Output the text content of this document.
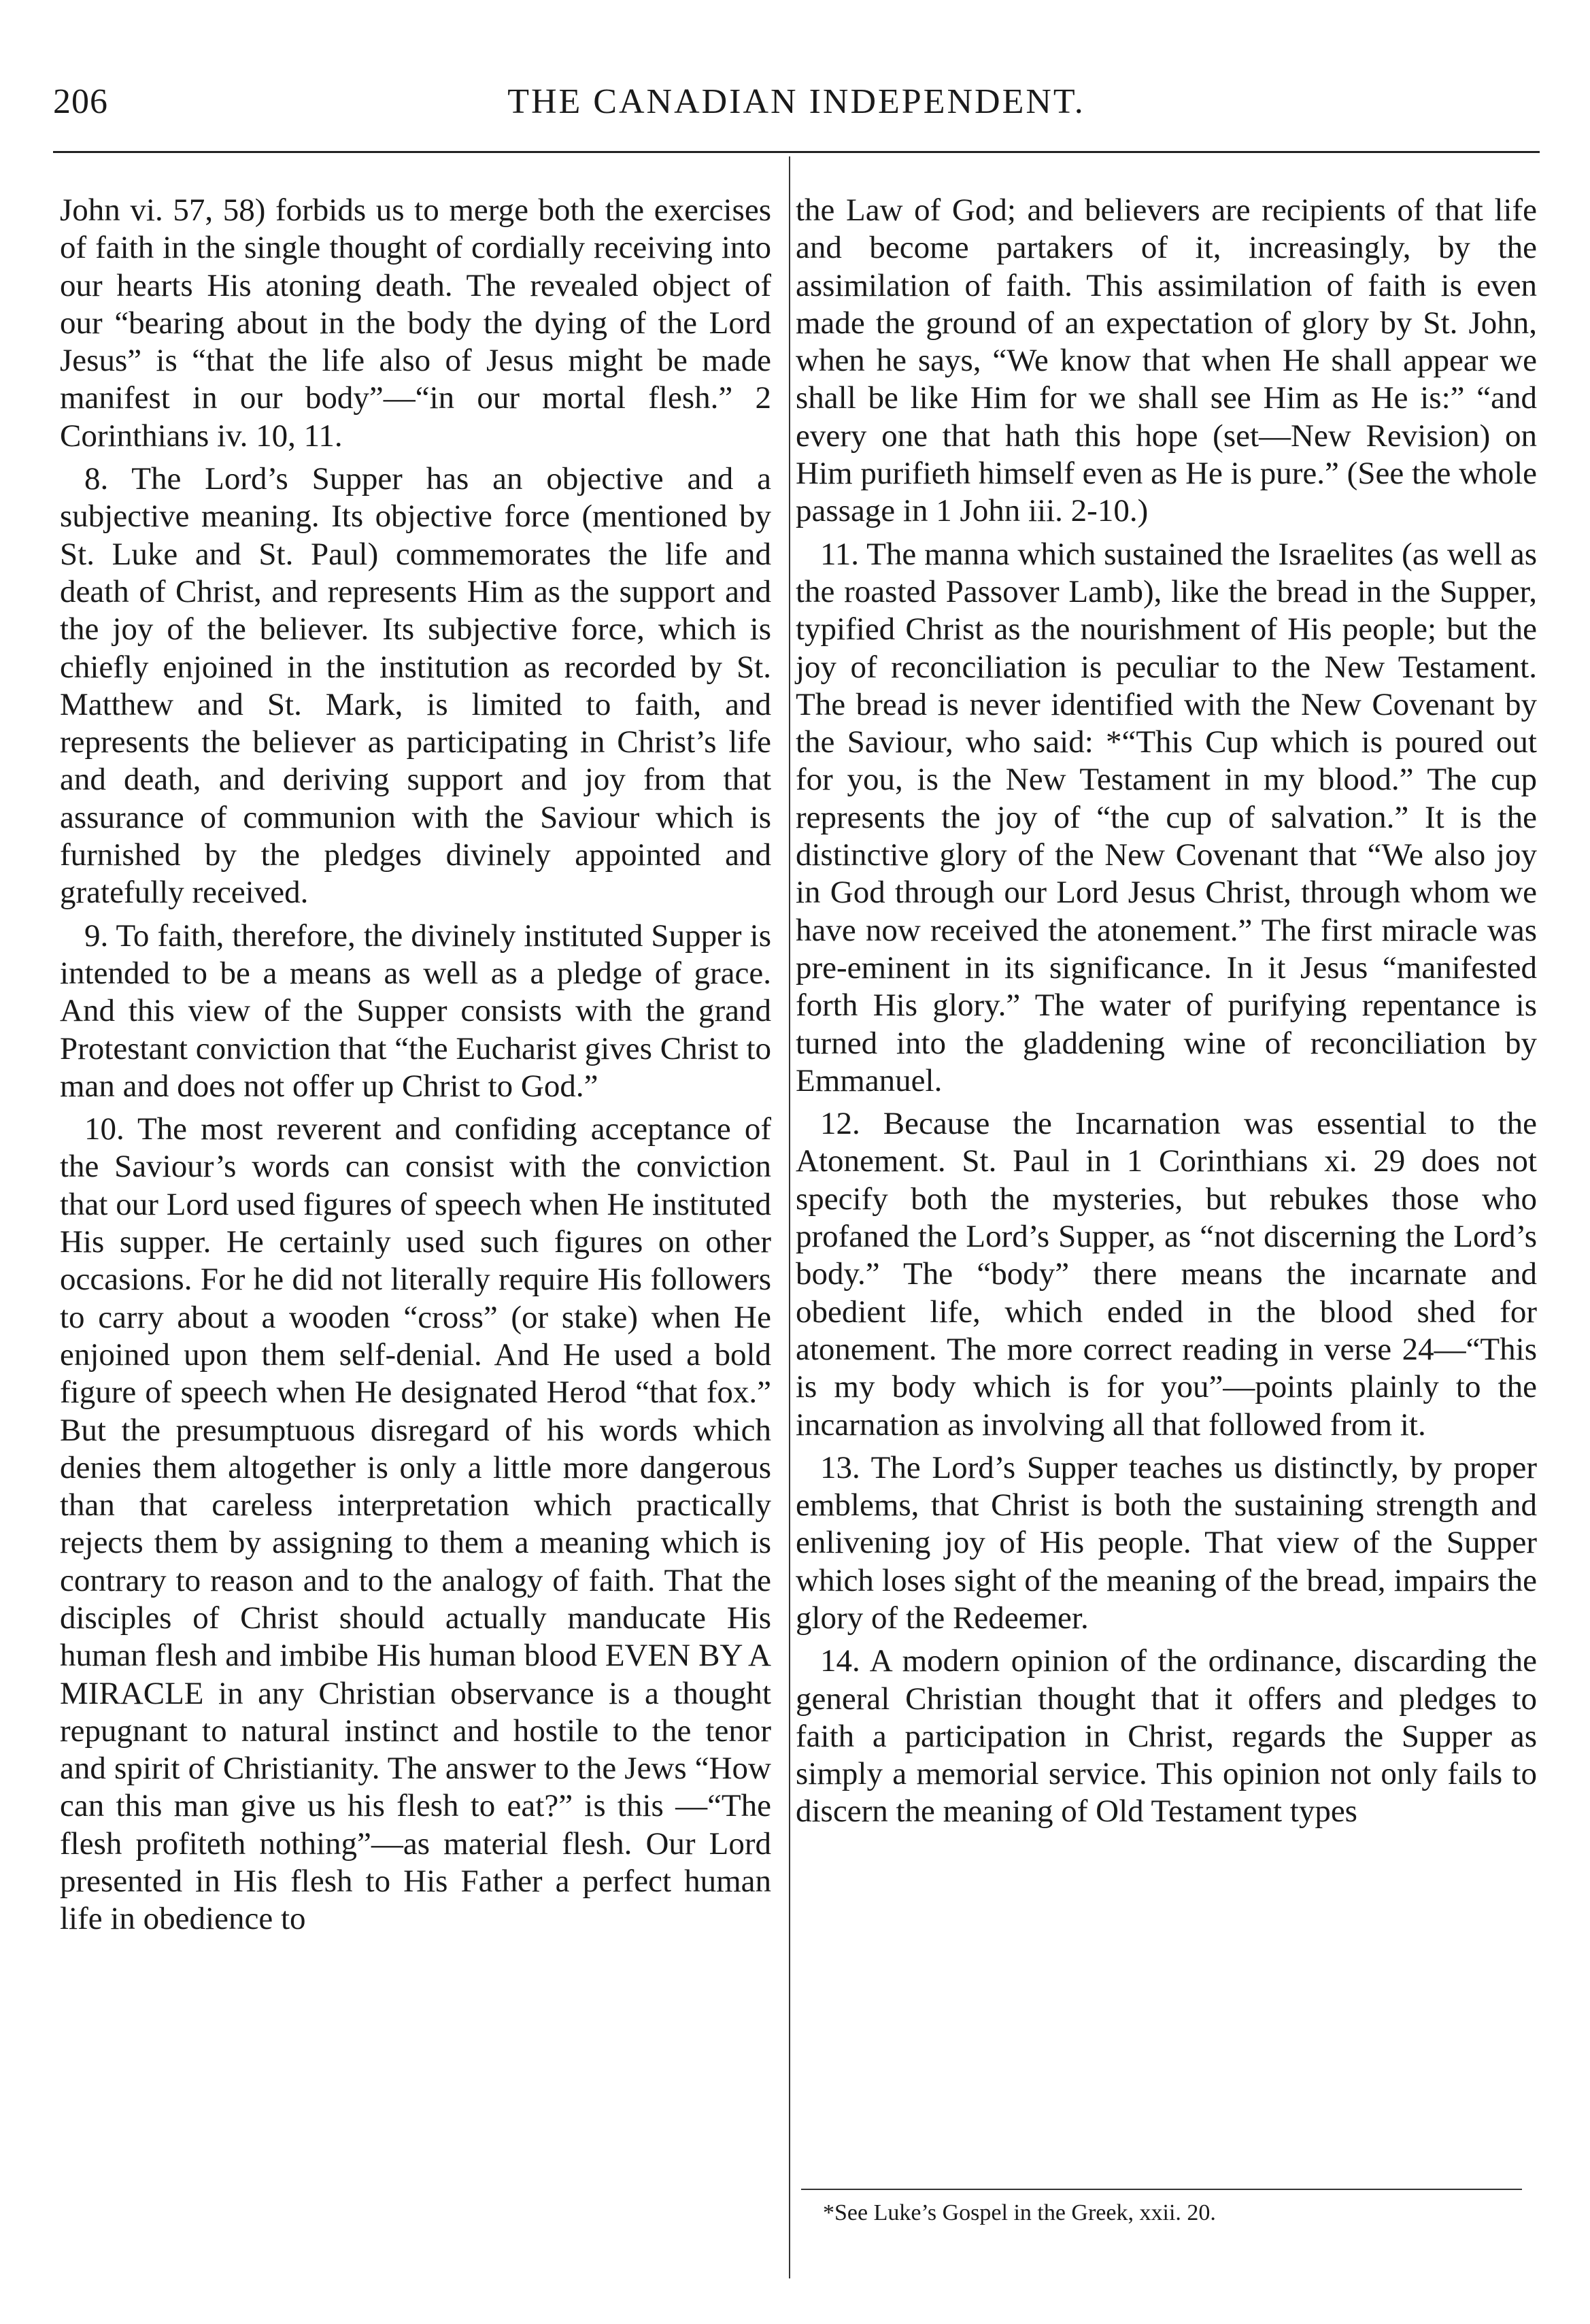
206	THE CANADIAN INDEPENDENT.

John vi. 57, 58) forbids us to merge both the exercises of faith in the single thought of cordially receiving into our hearts His atoning death. The revealed object of our “bearing about in the body the dying of the Lord Jesus” is “that the life also of Jesus might be made manifest in our body”—“in our mortal flesh.” 2 Corinthians iv. 10, 11.

8. The Lord’s Supper has an objective and a subjective meaning. Its objective force (mentioned by St. Luke and St. Paul) commemorates the life and death of Christ, and represents Him as the support and the joy of the believer. Its subjective force, which is chiefly enjoined in the institution as recorded by St. Matthew and St. Mark, is limited to faith, and represents the believer as participating in Christ’s life and death, and deriving support and joy from that assurance of communion with the Saviour which is furnished by the pledges divinely appointed and gratefully received.

9. To faith, therefore, the divinely instituted Supper is intended to be a means as well as a pledge of grace. And this view of the Supper consists with the grand Protestant conviction that “the Eucharist gives Christ to man and does not offer up Christ to God.”

10. The most reverent and confiding acceptance of the Saviour’s words can consist with the conviction that our Lord used figures of speech when He instituted His supper. He certainly used such figures on other occasions. For he did not literally require His followers to carry about a wooden “cross” (or stake) when He enjoined upon them self-denial. And He used a bold figure of speech when He designated Herod “that fox.” But the presumptuous disregard of his words which denies them altogether is only a little more dangerous than that careless interpretation which practically rejects them by assigning to them a meaning which is contrary to reason and to the analogy of faith. That the disciples of Christ should actually manducate His human flesh and imbibe His human blood EVEN BY A MIRACLE in any Christian observance is a thought repugnant to natural instinct and hostile to the tenor and spirit of Christianity. The answer to the Jews “How can this man give us his flesh to eat?” is this —“The flesh profiteth nothing”—as material flesh. Our Lord presented in His flesh to His Father a perfect human life in obedience to

the Law of God; and believers are recipients of that life and become partakers of it, increasingly, by the assimilation of faith. This assimilation of faith is even made the ground of an expectation of glory by St. John, when he says, “We know that when He shall appear we shall be like Him for we shall see Him as He is:” “and every one that hath this hope (set—New Revision) on Him purifieth himself even as He is pure.” (See the whole passage in 1 John iii. 2-10.)

11. The manna which sustained the Israelites (as well as the roasted Passover Lamb), like the bread in the Supper, typified Christ as the nourishment of His people; but the joy of reconciliation is peculiar to the New Testament. The bread is never identified with the New Covenant by the Saviour, who said: *“This Cup which is poured out for you, is the New Testament in my blood.” The cup represents the joy of “the cup of salvation.” It is the distinctive glory of the New Covenant that “We also joy in God through our Lord Jesus Christ, through whom we have now received the atonement.” The first miracle was pre-eminent in its significance. In it Jesus “manifested forth His glory.” The water of purifying repentance is turned into the gladdening wine of reconciliation by Emmanuel.

12. Because the Incarnation was essential to the Atonement. St. Paul in 1 Corinthians xi. 29 does not specify both the mysteries, but rebukes those who profaned the Lord’s Supper, as “not discerning the Lord’s body.” The “body” there means the incarnate and obedient life, which ended in the blood shed for atonement. The more correct reading in verse 24—“This is my body which is for you”—points plainly to the incarnation as involving all that followed from it.

13. The Lord’s Supper teaches us distinctly, by proper emblems, that Christ is both the sustaining strength and enlivening joy of His people. That view of the Supper which loses sight of the meaning of the bread, impairs the glory of the Redeemer.

14. A modern opinion of the ordinance, discarding the general Christian thought that it offers and pledges to faith a participation in Christ, regards the Supper as simply a memorial service. This opinion not only fails to discern the meaning of Old Testament types

*See Luke’s Gospel in the Greek, xxii. 20.
